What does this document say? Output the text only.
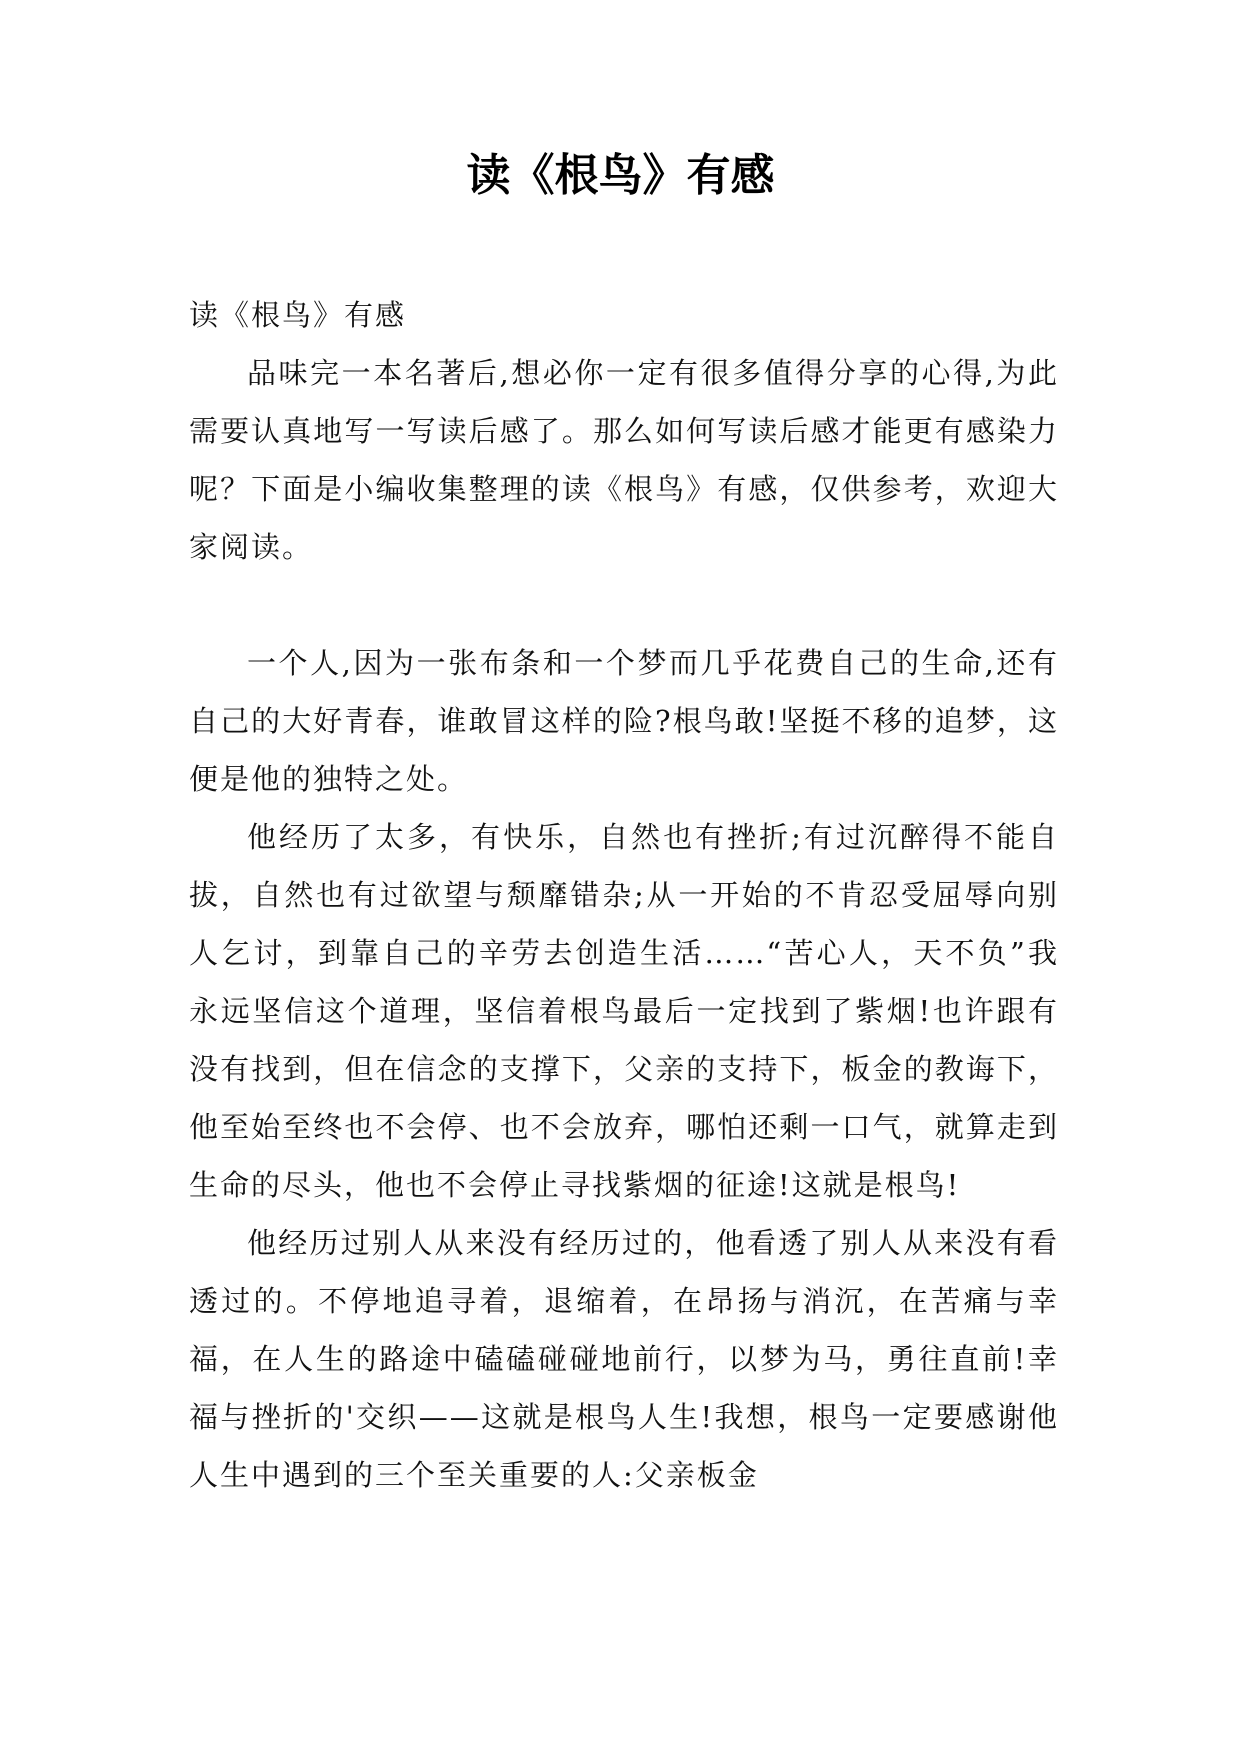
读《根鸟》有感

读《根鸟》有感

品味完一本名著后,想必你一定有很多值得分享的心得,为此需要认真地写一写读后感了。那么如何写读后感才能更有感染力呢？下面是小编收集整理的读《根鸟》有感，仅供参考，欢迎大家阅读。

一个人,因为一张布条和一个梦而几乎花费自己的生命,还有自己的大好青春，谁敢冒这样的险?根鸟敢!坚挺不移的追梦，这便是他的独特之处。

他经历了太多，有快乐，自然也有挫折;有过沉醉得不能自拔，自然也有过欲望与颓靡错杂;从一开始的不肯忍受屈辱向别人乞讨，到靠自己的辛劳去创造生活……“苦心人，天不负”我永远坚信这个道理，坚信着根鸟最后一定找到了紫烟!也许跟有没有找到，但在信念的支撑下，父亲的支持下，板金的教诲下，他至始至终也不会停、也不会放弃，哪怕还剩一口气，就算走到生命的尽头，他也不会停止寻找紫烟的征途!这就是根鸟!

他经历过别人从来没有经历过的，他看透了别人从来没有看透过的。不停地追寻着，退缩着，在昂扬与消沉，在苦痛与幸福，在人生的路途中磕磕碰碰地前行，以梦为马，勇往直前!幸福与挫折的'交织——这就是根鸟人生!我想，根鸟一定要感谢他人生中遇到的三个至关重要的人:父亲板金
